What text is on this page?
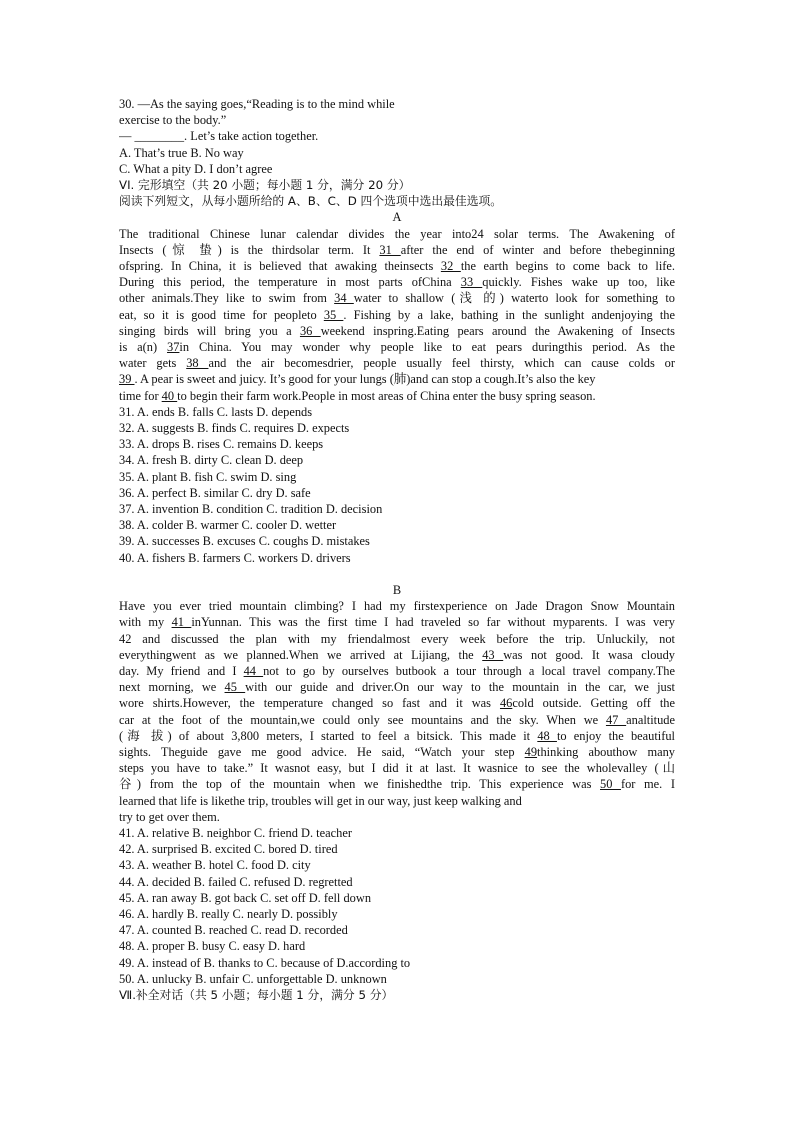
30. —As the saying goes,“Reading is to the mind while
exercise to the body.”
— ________. Let’s take action together.
A. That’s true B. No way
C. What a pity D. I don’t agree
VI. 完形填空（共 20 小题；每小题 1 分，满分 20 分）
阅读下列短文，从每小题所给的 A、B、C、D 四个选项中选出最佳选项。
A
The traditional Chinese lunar calendar divides the year into24 solar terms. The Awakening of
Insects (惊 蛰) is the thirdsolar term. It 31 after the end of winter and before thebeginning
ofspring. In China, it is believed that awaking theinsects 32 the earth begins to come back to life.
During this period, the temperature in most parts ofChina 33 quickly. Fishes wake up too, like
other animals.They like to swim from 34 water to shallow (浅 的) waterto look for something to
eat, so it is good time for peopleto 35 . Fishing by a lake, bathing in the sunlight andenjoying the
singing birds will bring you a 36 weekend inspring.Eating pears around the Awakening of Insects
is a(n) 37in China. You may wonder why people like to eat pears duringthis period. As the
water gets 38 and the air becomesdrier, people usually feel thirsty, which can cause colds or
39 . A pear is sweet and juicy. It’s good for your lungs (肺)and can stop a cough.It’s also the key
time for 40 to begin their farm work.People in most areas of China enter the busy spring season.
31. A. ends B. falls C. lasts D. depends
32. A. suggests B. finds C. requires D. expects
33. A. drops B. rises C. remains D. keeps
34. A. fresh B. dirty C. clean D. deep
35. A. plant B. fish C. swim D. sing
36. A. perfect B. similar C. dry D. safe
37. A. invention B. condition C. tradition D. decision
38. A. colder B. warmer C. cooler D. wetter
39. A. successes B. excuses C. coughs D. mistakes
40. A. fishers B. farmers C. workers D. drivers
B
Have you ever tried mountain climbing? I had my firstexperience on Jade Dragon Snow Mountain
with my 41 inYunnan. This was the first time I had traveled so far without myparents. I was very
42 and discussed the plan with my friendalmost every week before the trip. Unluckily, not
everythingwent as we planned.When we arrived at Lijiang, the 43 was not good. It wasa cloudy
day. My friend and I 44 not to go by ourselves butbook a tour through a local travel company.The
next morning, we 45 with our guide and driver.On our way to the mountain in the car, we just
wore shirts.However, the temperature changed so fast and it was 46cold outside. Getting off the
car at the foot of the mountain,we could only see mountains and the sky. When we 47 analtitude
(海 拔) of about 3,800 meters, I started to feel a bitsick. This made it 48 to enjoy the beautiful
sights. Theguide gave me good advice. He said, “Watch your step 49thinking abouthow many
steps you have to take.” It wasnot easy, but I did it at last. It wasnice to see the wholevalley (山
谷) from the top of the mountain when we finishedthe trip. This experience was 50 for me. I
learned that life is likethe trip, troubles will get in our way, just keep walking and
try to get over them.
41. A. relative B. neighbor C. friend D. teacher
42. A. surprised B. excited C. bored D. tired
43. A. weather B. hotel C. food D. city
44. A. decided B. failed C. refused D. regretted
45. A. ran away B. got back C. set off D. fell down
46. A. hardly B. really C. nearly D. possibly
47. A. counted B. reached C. read D. recorded
48. A. proper B. busy C. easy D. hard
49. A. instead of B. thanks to C. because of D.according to
50. A. unlucky B. unfair C. unforgettable D. unknown
Ⅶ.补全对话（共 5 小题；每小题 1 分，满分 5 分）
